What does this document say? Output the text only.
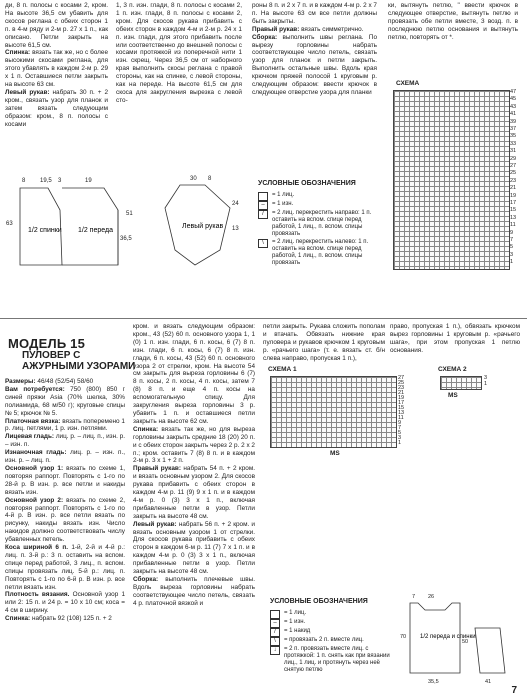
ди, 8 п. полосы с косами 2, кром. На высоте 36,5 см убавить для скосов реглана с обеих сторон 1 п. в 4-м ряду и 2-м р. 27 х 1 п., как описано. Петли закрыть на высоте 61,5 см.

Спинка: вязать так же, но с более высокими скосами реглана, для этого убавлять в каждом 2-м р. 29 х 1 п. Оставшиеся петли закрыть на высоте 63 см.

Левый рукав: набрать 30 п. + 2 кром., связать узор для планок и затем вязать следующим образом: кром., 8 п. полосы с косами

1, 3 п. изн. глади, 8 п. полосы с косами 2, 1 п. изн. глади, 8 п. полосы с косами 2, кром. Для скосов рукава прибавить с обеих сторон в каждом 4-м и 2-м р. 24 х 1 п. изн. глади, для этого прибавить после или соответственно до внешней полосы с косами протяжкой из поперечной нити 1 изн. скрещ. Через 36,5 см от наборного края выполнить скосы реглана с правой стороны, как на спинке, с левой стороны, как на переде. На высоте 61,5 см для скоса для закругления вырезка с левой сто-

роны 8 п. и 2 х 7 п. и в каждом 4-м р. 2 х 7 п. На высоте 63 см все петли должны быть закрыты.

Правый рукав: вязать симметрично.

Сборка: выполнить швы реглана. По вырезу горловины набрать соответствующее число петель, связать узор для планок и петли закрыть. Выполнить остальные швы. Вдоль края крючком пряжей полосой 1 круговым р. следующим образом: ввести крючок в следующее отверстие узора для планки

ки, вытянуть петлю, " ввести крючок в следующее отверстие, вытянуть петлю и провязать обе петли вместе, 3 возд. п. в последнюю петлю основания и вытянуть петлю, повторять от *.

СХЕМА
47
45
43
41
39
37
35
33
31
29
27
25
23
21
19
17
15
13
11
9
7
5
3
1
1/2 спинки 1/2 переда
Левый рукав
8 19,5 3	19
63
36,5
51
30 8
24
13
УСЛОВНЫЕ ОБОЗНАЧЕНИЯ
= 1 лиц.
–	= 1 изн.
/	= 2 лиц. перекрестить направо: 1 п. оставить на вспом. спице перед работой, 1 лиц., п. вспом. спицы провязать
\	= 2 лиц. перекрестить налево: 1 п. оставить на вспом. спице перед работой, 1 лиц., п. вспом. спицы провязать
МОДЕЛЬ 15
ПУЛОВЕР С АЖУРНЫМИ УЗОРАМИ

Размеры: 46/48 (52/54) 58/60

Вам потребуется: 750 (800) 850 г синей пряжи Asia (70% шелка, 30% полиамида, 68 м/50 г); круговые спицы № 5; крючок № 5.

Платочная вязка: вязать поперемено 1 р. лиц. петлями, 1 р. изн. петлями.

Лицевая гладь: лиц. р. – лиц. п., изн. р. – изн. п.

Изнаночная гладь: лиц. р. – изн. п., изн. р. – лиц. п.

Основной узор 1: вязать по схеме 1, повторяя раппорт. Повторять с 1-го по 28-й р. В изн. р. все петли и накиды вязать изн.

Основной узор 2: вязать по схеме 2, повторяя раппорт. Повторять с 1-го по 4-й р. В изн. р. все петли вязать по рисунку, накиды вязать изн. Число накидов должно соответствовать числу убавленных петель.

Коса шириной 6 п. 1-й, 2-й и 4-й р.: лиц. п. 3-й р.: 3 п. оставить на вспом. спице перед работой, 3 лиц., п. вспом. спицы провязать лиц. 5-й р.: лиц. п. Повторять с 1-го по 6-й р. В изн. р. все петли вязать изн.

Плотность вязания. Основной узор 1 или 2: 15 п. и 24 р. = 10 х 10 см; коса = 4 см в ширину.

Спинка: набрать 92 (108) 125 п. + 2

кром. и вязать следующим образом: кром., 43 (52) 60 п. основного узора 1, 1 (0) 1 п. изн. глади, 6 п. косы, 6 (7) 8 п. изн. глади, 6 п. косы, 6 (7) 8 п. изн. глади, 6 п. косы, 43 (52) 60 п. основного узора 2 от стрелки, кром. На высоте 54 см закрыть для выреза горловины 6 (7) 8 п. косы, 2 п. косы, 4 п. косы, затем 7 (8) 8 п. и еще 4 п. косы на вспомогательную спицу. Для закругления выреза горловины 3 р. убавить 1 п. и оставшиеся петли закрыть на высоте 62 см.

Спинка: вязать так же, но для выреза горловины закрыть средние 18 (20) 20 п. и с обеих сторон закрыть через 2 р. 2 х 2 п.; кром. оставить 7 (8) 8 п. и в каждом 2-м р. 3 х 1 + 2 п.

Правый рукав: набрать 54 п. + 2 кром. и вязать основным узором 2. Для скосов рукава прибавить с обеих сторон в каждом 4-м р. 11 (9) 9 х 1 п. и в каждом 4-м р. 0 (3) 3 х 1 п., включая прибавленные петли в узор. Петли закрыть на высоте 48 см.

Левый рукав: набрать 56 п. + 2 кром. и вязать основным узором 1 от стрелки. Для скосов рукава прибавить с обеих сторон в каждом 6-м р. 11 (7) 7 х 1 п. и в каждом 4-м р. 0 (3) 3 х 1 п., включая прибавленные петли в узор. Петли закрыть на высоте 48 см.

Сборка: выполнить плечевые швы. Вдоль выреза горловины набрать соответствующее число петель, связать 4 р. платочной вязкой и

петли закрыть. Рукава сложить пополам и втачать. Обвязать нижние края пуловера и рукавов крючком 1 круговым р. «рачьего шага» (т. е. вязать ст. б/н слева направо, пропуская 1 п.),

право, пропуская 1 п.), обвязать крючком вырез горловины 1 круговым р. «рачьего шага», при этом пропуская 1 петлю основания.

СХЕМА 1
27
25
23
21
19
17
15
13
11
9
7
5
3
1
MS
СХЕМА 2
3
1
MS
УСЛОВНЫЕ ОБОЗНАЧЕНИЯ
= 1 лиц.
–	= 1 изн.
/	= 1 накид
\	= провязать 2 п. вместе лиц.
↓	= 2 п. провязать вместе лиц. с протяжкой: 1 п. снять как при вязании лиц., 1 лиц. и протянуть через неё снятую петлю
1/2 переда и спинки
7 26
50
70
35,5	41
7
